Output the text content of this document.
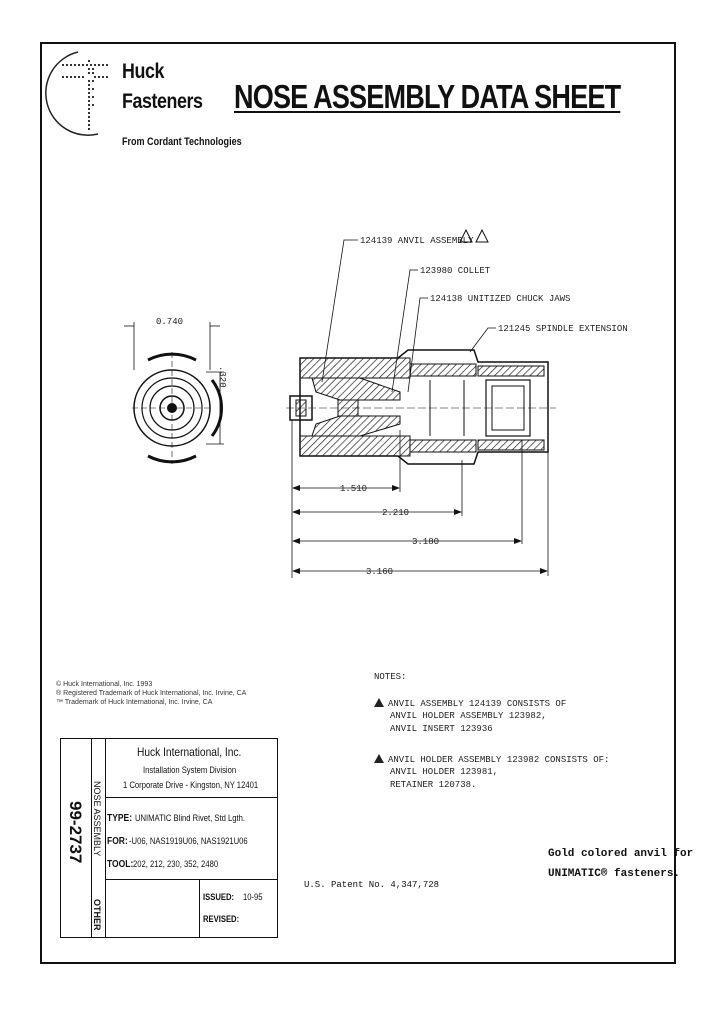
Huck
Fasteners
From Cordant Technologies
NOSE ASSEMBLY DATA SHEET
0.740
.320
124139 ANVIL ASSEMBLY
123980 COLLET
124138 UNITIZED CHUCK JAWS
121245 SPINDLE EXTENSION
1.510
2.210
3.180
3.160
© Huck International, Inc. 1993
® Registered Trademark of Huck International, Inc. Irvine, CA
™ Trademark of Huck International, Inc. Irvine, CA
NOTES:
ANVIL ASSEMBLY 124139 CONSISTS OF
ANVIL HOLDER ASSEMBLY 123982,
ANVIL INSERT 123936
ANVIL HOLDER ASSEMBLY 123982 CONSISTS OF:
ANVIL HOLDER 123981,
RETAINER 120738.
Gold colored anvil for
UNIMATIC® fasteners.
U.S. Patent No. 4,347,728
99-2737 NOSE ASSEMBLY
OTHER
Huck International, Inc.
Installation System Division
1 Corporate Drive - Kingston, NY 12401
TYPE: UNIMATIC Blind Rivet, Std Lgth.
FOR: -U06, NAS1919U06, NAS1921U06
TOOL: 202, 212, 230, 352, 2480
ISSUED: 10-95
REVISED:
